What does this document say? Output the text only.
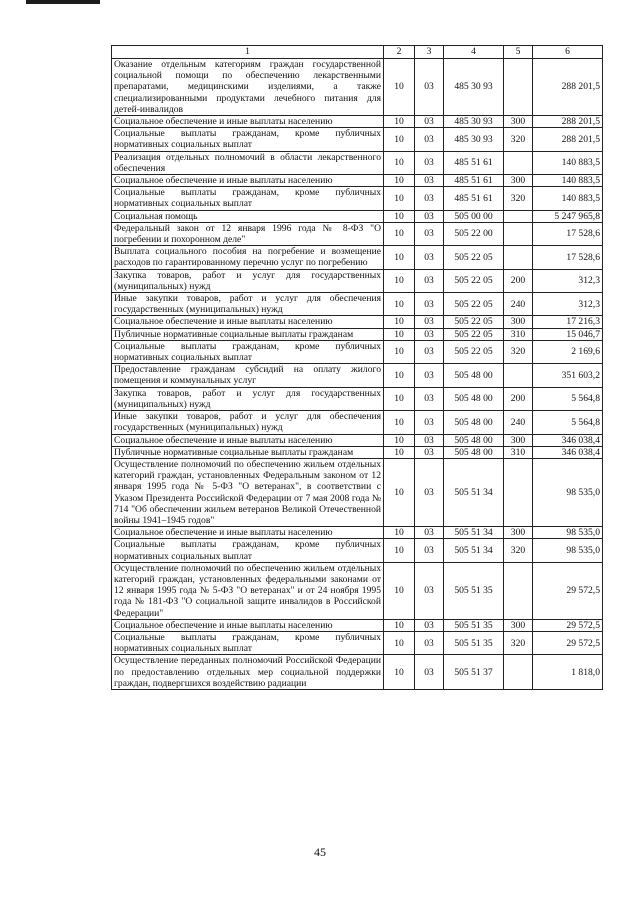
1	2	3	4	5	6
Оказание отдельным категориям граждан государственной социальной помощи по обеспечению лекарственными препаратами, медицинскими изделиями, а также специализированными продуктами лечебного питания для детей-инвалидов	10	03	485 30 93		288 201,5
Социальное обеспечение и иные выплаты населению	10	03	485 30 93	300	288 201,5
Социальные выплаты гражданам, кроме публичных нормативных социальных выплат	10	03	485 30 93	320	288 201,5
Реализация отдельных полномочий в области лекарственного обеспечения	10	03	485 51 61		140 883,5
Социальное обеспечение и иные выплаты населению	10	03	485 51 61	300	140 883,5
Социальные выплаты гражданам, кроме публичных нормативных социальных выплат	10	03	485 51 61	320	140 883,5
Социальная помощь	10	03	505 00 00		5 247 965,8
Федеральный закон от 12 января 1996 года № 8-ФЗ "О погребении и похоронном деле"	10	03	505 22 00		17 528,6
Выплата социального пособия на погребение и возмещение расходов по гарантированному перечню услуг по погребению	10	03	505 22 05		17 528,6
Закупка товаров, работ и услуг для государственных (муниципальных) нужд	10	03	505 22 05	200	312,3
Иные закупки товаров, работ и услуг для обеспечения государственных (муниципальных) нужд	10	03	505 22 05	240	312,3
Социальное обеспечение и иные выплаты населению	10	03	505 22 05	300	17 216,3
Публичные нормативные социальные выплаты гражданам	10	03	505 22 05	310	15 046,7
Социальные выплаты гражданам, кроме публичных нормативных социальных выплат	10	03	505 22 05	320	2 169,6
Предоставление гражданам субсидий на оплату жилого помещения и коммунальных услуг	10	03	505 48 00		351 603,2
Закупка товаров, работ и услуг для государственных (муниципальных) нужд	10	03	505 48 00	200	5 564,8
Иные закупки товаров, работ и услуг для обеспечения государственных (муниципальных) нужд	10	03	505 48 00	240	5 564,8
Социальное обеспечение и иные выплаты населению	10	03	505 48 00	300	346 038,4
Публичные нормативные социальные выплаты гражданам	10	03	505 48 00	310	346 038,4
Осуществление полномочий по обеспечению жильем отдельных категорий граждан, установленных Федеральным законом от 12 января 1995 года № 5-ФЗ "О ветеранах", в соответствии с Указом Президента Российской Федерации от 7 мая 2008 года № 714 "Об обеспечении жильем ветеранов Великой Отечественной войны 1941–1945 годов"	10	03	505 51 34		98 535,0
Социальное обеспечение и иные выплаты населению	10	03	505 51 34	300	98 535,0
Социальные выплаты гражданам, кроме публичных нормативных социальных выплат	10	03	505 51 34	320	98 535,0
Осуществление полномочий по обеспечению жильем отдельных категорий граждан, установленных федеральными законами от 12 января 1995 года № 5-ФЗ "О ветеранах" и от 24 ноября 1995 года № 181-ФЗ "О социальной защите инвалидов в Российской Федерации"	10	03	505 51 35		29 572,5
Социальное обеспечение и иные выплаты населению	10	03	505 51 35	300	29 572,5
Социальные выплаты гражданам, кроме публичных нормативных социальных выплат	10	03	505 51 35	320	29 572,5
Осуществление переданных полномочий Российской Федерации по предоставлению отдельных мер социальной поддержки граждан, подвергшихся воздействию радиации	10	03	505 51 37		1 818,0
45
